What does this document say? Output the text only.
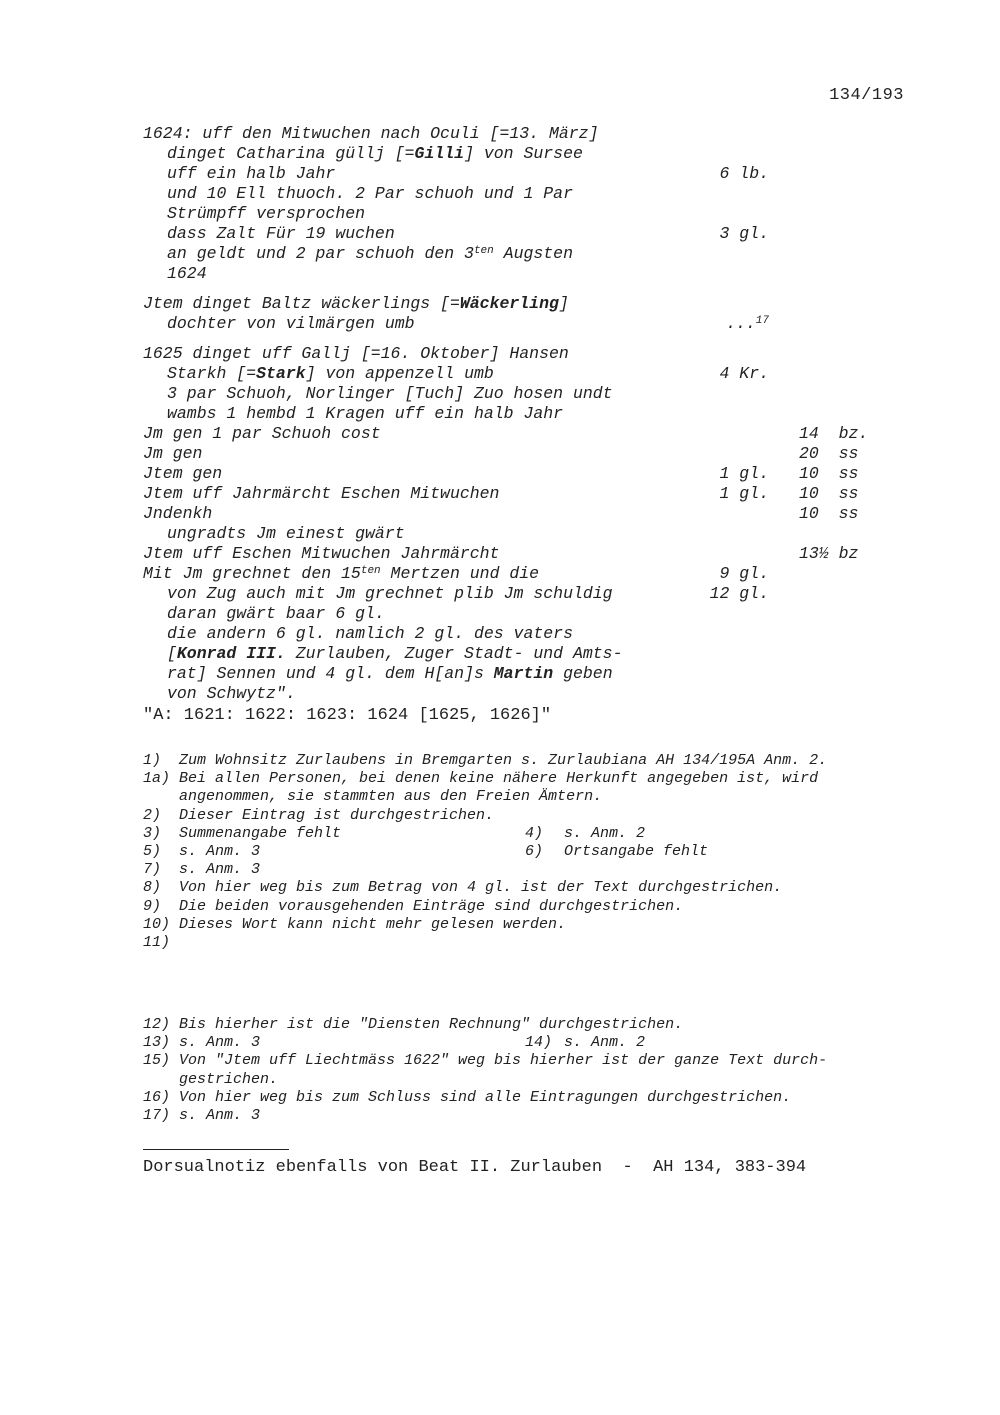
134/193
1624: uff den Mitwuchen nach Oculi [=13. März]
dinget Catharina güllj [=Gilli] von Sursee
uff ein halb Jahr	6 lb.
und 10 Ell thuoch. 2 Par schuoh und 1 Par
Strümpff versprochen
dass Zalt Für 19 wuchen	3 gl.
an geldt und 2 par schuoh den $3^{ten}$ Augsten
1624
Jtem dinget Baltz wäckerlings [=Wäckerling]
dochter von vilmärgen umb	...$^{17}$
1625 dinget uff Gallj [=16. Oktober] Hansen
Starkh [=Stark] von appenzell umb	4 Kr.
3 par Schuoh, Norlinger [Tuch] Zuo hosen undt
wambs 1 hembd 1 Kragen uff ein halb Jahr
Jm gen 1 par Schuoh cost	14  bz.
Jm gen	20  ss
Jtem gen	1 gl. 10  ss
Jtem uff Jahrmärcht Eschen Mitwuchen	1 gl. 10  ss
Jndenkh	10  ss
ungradts Jm einest gwärt
Jtem uff Eschen Mitwuchen Jahrmärcht	13½ bz
Mit Jm grechnet den $15^{ten}$ Mertzen und die	9 gl.
von Zug auch mit Jm grechnet plib Jm schuldig	12 gl.
daran gwärt baar 6 gl.
die andern 6 gl. namlich 2 gl. des vaters
[Konrad III. Zurlauben, Zuger Stadt- und Amts-
rat] Sennen und 4 gl. dem H[an]s Martin geben
von Schwytz".
"A: 1621: 1622: 1623: 1624 [1625, 1626]"
1)	Zum Wohnsitz Zurlaubens in Bremgarten s. Zurlaubiana AH 134/195A Anm. 2.
1a) Bei allen Personen, bei denen keine nähere Herkunft angegeben ist, wird
angenommen, sie stammten aus den Freien Ämtern.
2)	Dieser Eintrag ist durchgestrichen.
3)	Summenangabe fehlt	4) s. Anm. 2
5)	s. Anm. 3	6) Ortsangabe fehlt
7)	s. Anm. 3
8)	Von hier weg bis zum Betrag von 4 gl. ist der Text durchgestrichen.
9)	Die beiden vorausgehenden Einträge sind durchgestrichen.
10) Dieses Wort kann nicht mehr gelesen werden.
11)
12) Bis hierher ist die "Diensten Rechnung" durchgestrichen.
13) s. Anm. 3	14) s. Anm. 2
15) Von "Jtem uff Liechtmäss 1622" weg bis hierher ist der ganze Text durch-
gestrichen.
16) Von hier weg bis zum Schluss sind alle Eintragungen durchgestrichen.
17) s. Anm. 3
Dorsualnotiz ebenfalls von Beat II. Zurlauben  -  AH 134, 383-394
